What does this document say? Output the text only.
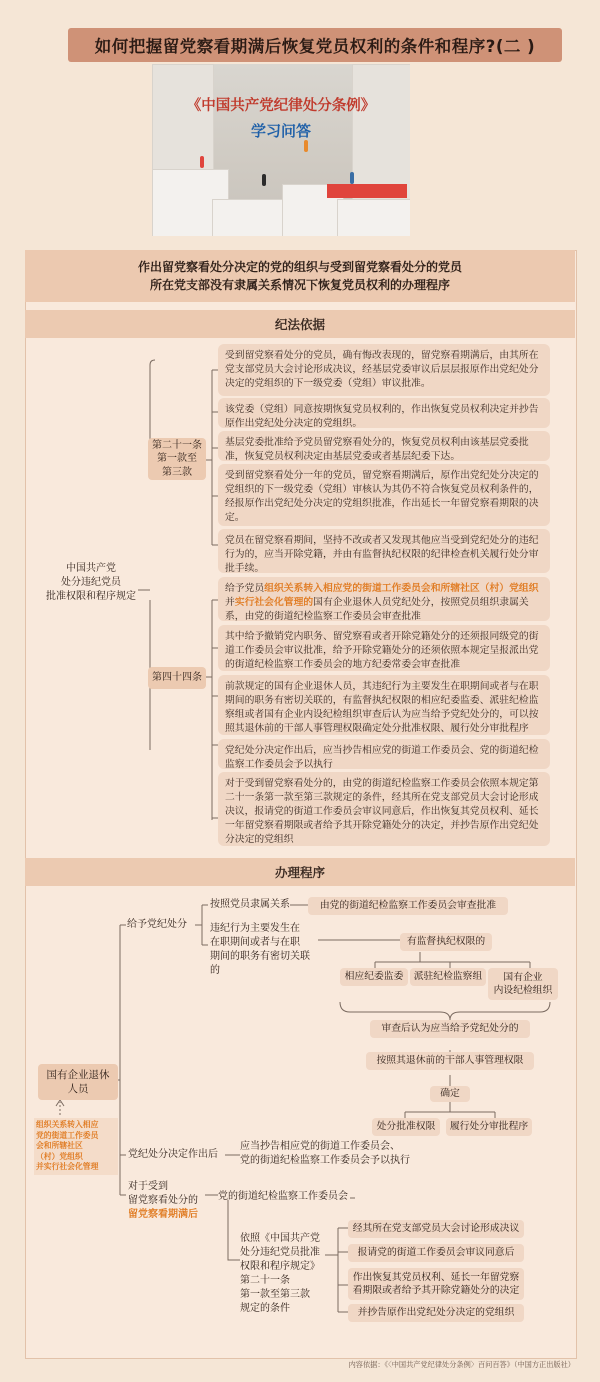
如何把握留党察看期满后恢复党员权利的条件和程序?(二 )
《中国共产党纪律处分条例》
学习问答
作出留党察看处分决定的党的组织与受到留党察看处分的党员
所在党支部没有隶属关系情况下恢复党员权利的办理程序
纪法依据
中国共产党
处分违纪党员
批准权限和程序规定
第二十一条
第一款至
第三款
第四十四条
受到留党察看处分的党员，确有悔改表现的，留党察看期满后，由其所在党支部党员大会讨论形成决议，经基层党委审议后层层报原作出党纪处分决定的党组织的下一级党委（党组）审议批准。
该党委（党组）同意按期恢复党员权利的，作出恢复党员权利决定并抄告原作出党纪处分决定的党组织。
基层党委批准给予党员留党察看处分的，恢复党员权利由该基层党委批准，恢复党员权利决定由基层党委或者基层纪委下达。
受到留党察看处分一年的党员，留党察看期满后，原作出党纪处分决定的党组织的下一级党委（党组）审核认为其仍不符合恢复党员权利条件的，经报原作出党纪处分决定的党组织批准，作出延长一年留党察看期限的决定。
党员在留党察看期间，坚持不改或者又发现其他应当受到党纪处分的违纪行为的，应当开除党籍，并由有监督执纪权限的纪律检查机关履行处分审批手续。
给予党员组织关系转入相应党的街道工作委员会和所辖社区（村）党组织并实行社会化管理的国有企业退休人员党纪处分，按照党员组织隶属关系，由党的街道纪检监察工作委员会审查批准
其中给予撤销党内职务、留党察看或者开除党籍处分的还须报同级党的街道工作委员会审议批准，给予开除党籍处分的还须依照本规定呈报派出党的街道纪检监察工作委员会的地方纪委常委会审查批准
前款规定的国有企业退休人员，其违纪行为主要发生在职期间或者与在职期间的职务有密切关联的，有监督执纪权限的相应纪委监委、派驻纪检监察组或者国有企业内设纪检组织审查后认为应当给予党纪处分的，可以按照其退休前的干部人事管理权限确定处分批准权限、履行处分审批程序
党纪处分决定作出后，应当抄告相应党的街道工作委员会、党的街道纪检监察工作委员会予以执行
对于受到留党察看处分的，由党的街道纪检监察工作委员会依照本规定第二十一条第一款至第三款规定的条件，经其所在党支部党员大会讨论形成决议，报请党的街道工作委员会审议同意后，作出恢复其党员权利、延长一年留党察看期限或者给予其开除党籍处分的决定，并抄告原作出党纪处分决定的党组织
办理程序
国有企业退休
人员
组织关系转入相应
党的街道工作委员
会和所辖社区
（村）党组织
并实行社会化管理
给予党纪处分
按照党员隶属关系	由党的街道纪检监察工作委员会审查批准
违纪行为主要发生在
在职期间或者与在职
期间的职务有密切关联的
有监督执纪权限的
相应纪委监委	派驻纪检监察组	国有企业
内设纪检组织
审查后认为应当给予党纪处分的
按照其退休前的干部人事管理权限
确定
处分批准权限	履行处分审批程序
党纪处分决定作出后
应当抄告相应党的街道工作委员会、
党的街道纪检监察工作委员会予以执行
对于受到
留党察看处分的
留党察看期满后
党的街道纪检监察工作委员会
依照《中国共产党
处分违纪党员批准
权限和程序规定》
第二十一条
第一款至第三款
规定的条件
经其所在党支部党员大会讨论形成决议
报请党的街道工作委员会审议同意后
作出恢复其党员权利、延长一年留党察
看期限或者给予其开除党籍处分的决定
并抄告原作出党纪处分决定的党组织
内容依据：《〈中国共产党纪律处分条例〉百问百答》（中国方正出版社）
